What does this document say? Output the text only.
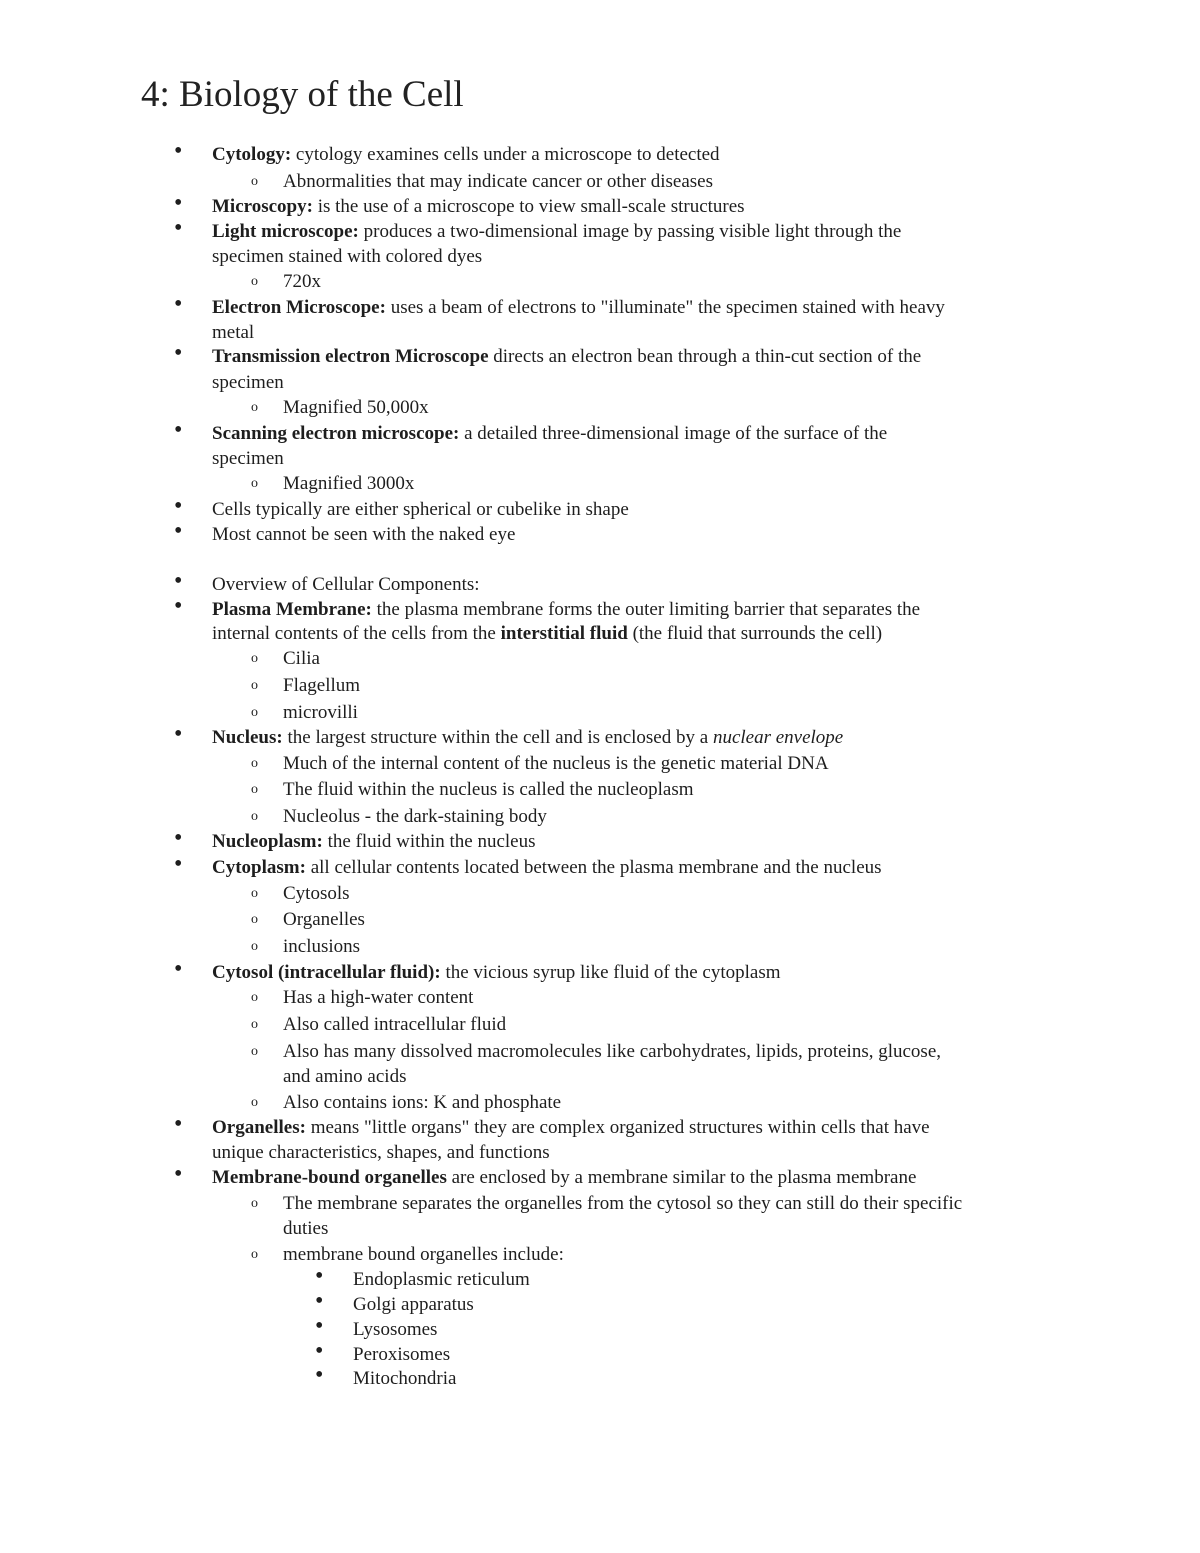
4: Biology of the Cell
• Cytology: cytology examines cells under a microscope to detected
o Abnormalities that may indicate cancer or other diseases
• Microscopy: is the use of a microscope to view small-scale structures
• Light microscope: produces a two-dimensional image by passing visible light through the
specimen stained with colored dyes
o 720x
• Electron Microscope: uses a beam of electrons to "illuminate" the specimen stained with heavy
metal
• Transmission electron Microscope directs an electron bean through a thin-cut section of the
specimen
o Magnified 50,000x
• Scanning electron microscope: a detailed three-dimensional image of the surface of the
specimen
o Magnified 3000x
• Cells typically are either spherical or cubelike in shape
• Most cannot be seen with the naked eye
• Overview of Cellular Components:
• Plasma Membrane: the plasma membrane forms the outer limiting barrier that separates the
internal contents of the cells from the interstitial fluid (the fluid that surrounds the cell)
o Cilia
o Flagellum
o microvilli
• Nucleus: the largest structure within the cell and is enclosed by a nuclear envelope
o Much of the internal content of the nucleus is the genetic material DNA
o The fluid within the nucleus is called the nucleoplasm
o Nucleolus - the dark-staining body
• Nucleoplasm: the fluid within the nucleus
• Cytoplasm: all cellular contents located between the plasma membrane and the nucleus
o Cytosols
o Organelles
o inclusions
• Cytosol (intracellular fluid): the vicious syrup like fluid of the cytoplasm
o Has a high-water content
o Also called intracellular fluid
o Also has many dissolved macromolecules like carbohydrates, lipids, proteins, glucose,
and amino acids
o Also contains ions: K and phosphate
• Organelles: means "little organs" they are complex organized structures within cells that have
unique characteristics, shapes, and functions
• Membrane-bound organelles are enclosed by a membrane similar to the plasma membrane
o The membrane separates the organelles from the cytosol so they can still do their specific
duties
o membrane bound organelles include:
• Endoplasmic reticulum
• Golgi apparatus
• Lysosomes
• Peroxisomes
• Mitochondria
